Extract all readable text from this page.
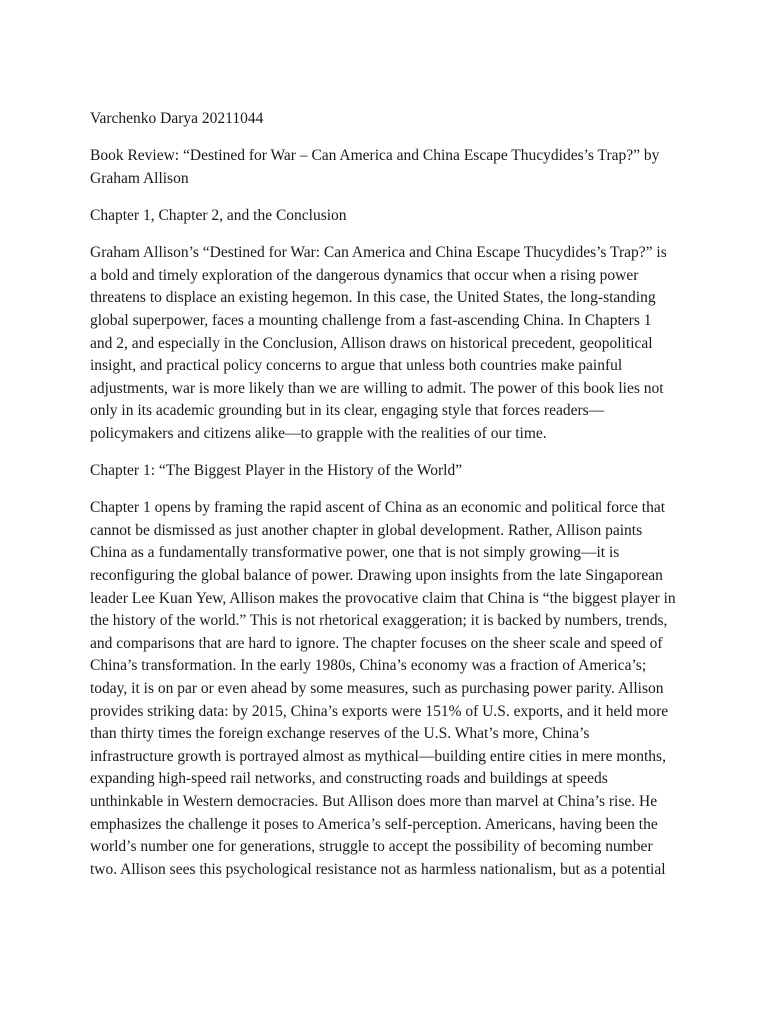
Varchenko Darya 20211044

Book Review: “Destined for War – Can America and China Escape Thucydides’s Trap?” by Graham Allison

Chapter 1, Chapter 2, and the Conclusion

Graham Allison’s “Destined for War: Can America and China Escape Thucydides’s Trap?” is a bold and timely exploration of the dangerous dynamics that occur when a rising power threatens to displace an existing hegemon. In this case, the United States, the long-standing global superpower, faces a mounting challenge from a fast-ascending China. In Chapters 1 and 2, and especially in the Conclusion, Allison draws on historical precedent, geopolitical insight, and practical policy concerns to argue that unless both countries make painful adjustments, war is more likely than we are willing to admit. The power of this book lies not only in its academic grounding but in its clear, engaging style that forces readers—policymakers and citizens alike—to grapple with the realities of our time.

Chapter 1: “The Biggest Player in the History of the World”

Chapter 1 opens by framing the rapid ascent of China as an economic and political force that cannot be dismissed as just another chapter in global development. Rather, Allison paints China as a fundamentally transformative power, one that is not simply growing—it is reconfiguring the global balance of power. Drawing upon insights from the late Singaporean leader Lee Kuan Yew, Allison makes the provocative claim that China is “the biggest player in the history of the world.” This is not rhetorical exaggeration; it is backed by numbers, trends, and comparisons that are hard to ignore. The chapter focuses on the sheer scale and speed of China’s transformation. In the early 1980s, China’s economy was a fraction of America’s; today, it is on par or even ahead by some measures, such as purchasing power parity. Allison provides striking data: by 2015, China’s exports were 151% of U.S. exports, and it held more than thirty times the foreign exchange reserves of the U.S. What’s more, China’s infrastructure growth is portrayed almost as mythical—building entire cities in mere months, expanding high-speed rail networks, and constructing roads and buildings at speeds unthinkable in Western democracies. But Allison does more than marvel at China’s rise. He emphasizes the challenge it poses to America’s self-perception. Americans, having been the world’s number one for generations, struggle to accept the possibility of becoming number two. Allison sees this psychological resistance not as harmless nationalism, but as a potential
